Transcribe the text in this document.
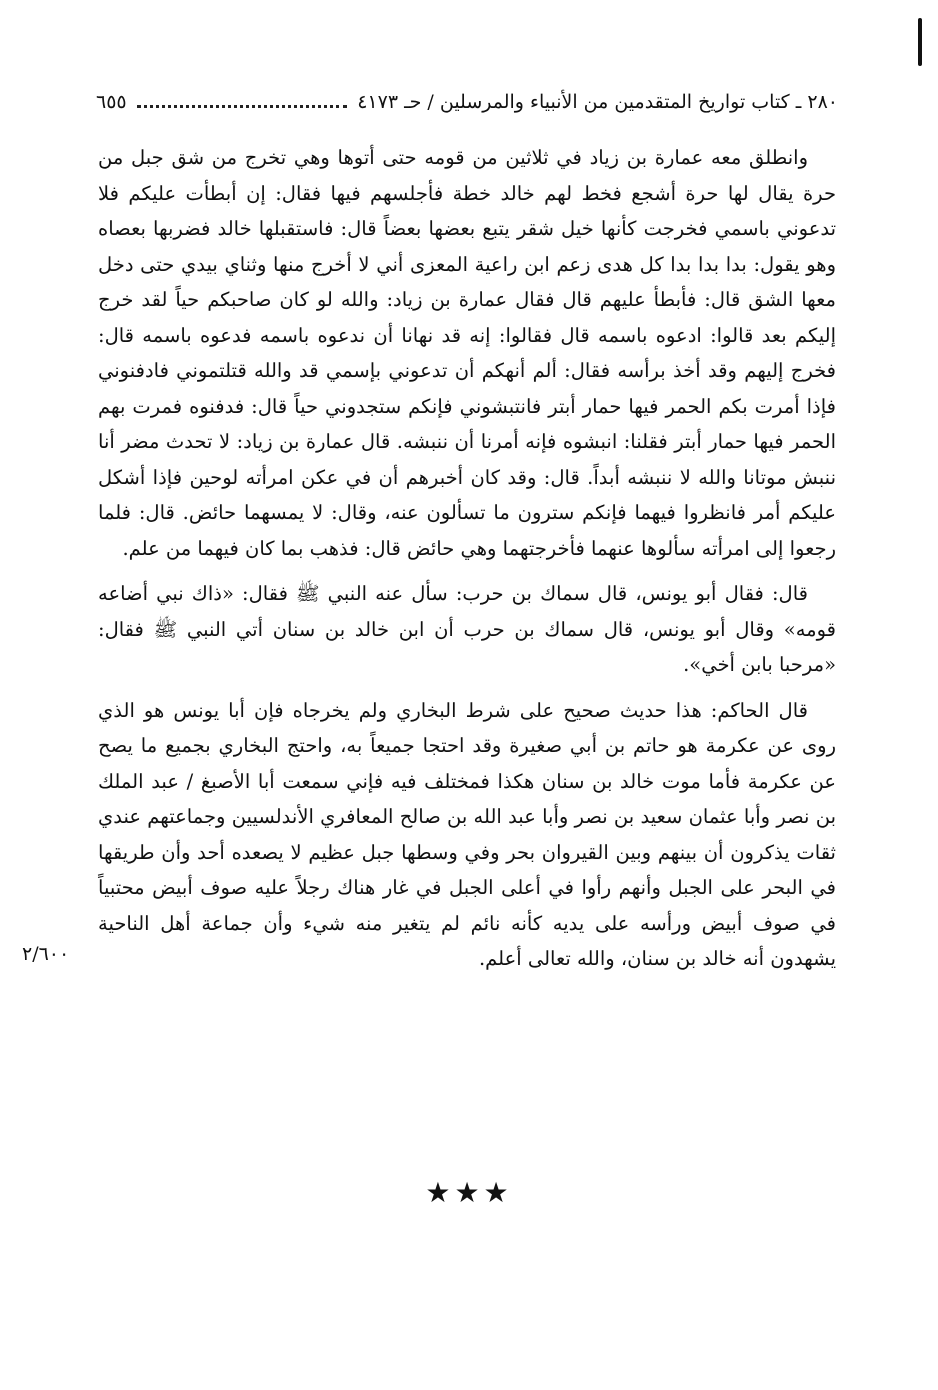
٢٨٠ ـ كتاب تواريخ المتقدمين من الأنبياء والمرسلين / حـ ٤١٧٣
٦٥٥

وانطلق معه عمارة بن زياد في ثلاثين من قومه حتى أتوها وهي تخرج من شق جبل من حرة يقال لها حرة أشجع فخط لهم خالد خطة فأجلسهم فيها فقال: إن أبطأت عليكم فلا تدعوني باسمي فخرجت كأنها خيل شقر يتبع بعضها بعضاً قال: فاستقبلها خالد فضربها بعصاه وهو يقول: بدا بدا بدا كل هدى زعم ابن راعية المعزى أني لا أخرج منها وثناي بيدي حتى دخل معها الشق قال: فأبطأ عليهم قال فقال عمارة بن زياد: والله لو كان صاحبكم حياً لقد خرج إليكم بعد قالوا: ادعوه باسمه قال فقالوا: إنه قد نهانا أن ندعوه باسمه فدعوه باسمه قال: فخرج إليهم وقد أخذ برأسه فقال: ألم أنهكم أن تدعوني بإسمي قد والله قتلتموني فادفنوني فإذا أمرت بكم الحمر فيها حمار أبتر فانتبشوني فإنكم ستجدوني حياً قال: فدفنوه فمرت بهم الحمر فيها حمار أبتر فقلنا: انبشوه فإنه أمرنا أن ننبشه. قال عمارة بن زياد: لا تحدث مضر أنا ننبش موتانا والله لا ننبشه أبداً. قال: وقد كان أخبرهم أن في عكن امرأته لوحين فإذا أشكل عليكم أمر فانظروا فيهما فإنكم سترون ما تسألون عنه، وقال: لا يمسهما حائض. قال: فلما رجعوا إلى امرأته سألوها عنهما فأخرجتهما وهي حائض قال: فذهب بما كان فيهما من علم.

قال: فقال أبو يونس، قال سماك بن حرب: سأل عنه النبي ﷺ فقال: «ذاك نبي أضاعه قومه» وقال أبو يونس، قال سماك بن حرب أن ابن خالد بن سنان أتي النبي ﷺ فقال: «مرحبا بابن أخي».

قال الحاكم: هذا حديث صحيح على شرط البخاري ولم يخرجاه فإن أبا يونس هو الذي روى عن عكرمة هو حاتم بن أبي صغيرة وقد احتجا جميعاً به، واحتج البخاري بجميع ما يصح عن عكرمة فأما موت خالد بن سنان هكذا فمختلف فيه فإني سمعت أبا الأصبغ / عبد الملك بن نصر وأبا عثمان سعيد بن نصر وأبا عبد الله بن صالح المعافري الأندلسيين وجماعتهم عندي ثقات يذكرون أن بينهم وبين القيروان بحر وفي وسطها جبل عظيم لا يصعده أحد وأن طريقها في البحر على الجبل وأنهم رأوا في أعلى الجبل في غار هناك رجلاً عليه صوف أبيض محتبياً في صوف أبيض ورأسه على يديه كأنه نائم لم يتغير منه شيء وأن جماعة أهل الناحية يشهدون أنه خالد بن سنان، والله تعالى أعلم.

٢/٦٠٠
★★★
